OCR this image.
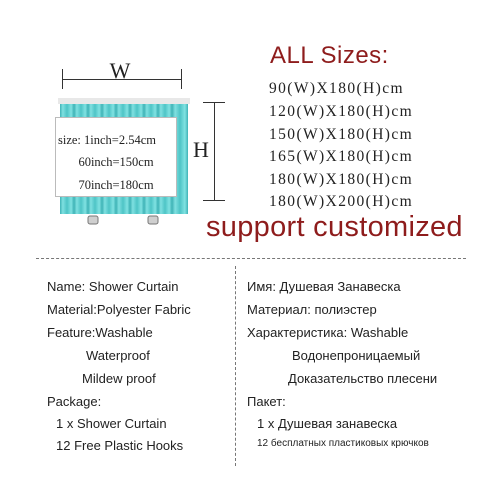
W
H
size: 1inch=2.54cm
60inch=150cm
70inch=180cm
ALL Sizes:
90(W)X180(H)cm
120(W)X180(H)cm
150(W)X180(H)cm
165(W)X180(H)cm
180(W)X180(H)cm
180(W)X200(H)cm
support customized
Name: Shower Curtain
Material:Polyester Fabric
Feature:Washable
Waterproof
Mildew proof
Package:
1 x Shower Curtain
12 Free Plastic Hooks
Имя: Душевая Занавеска
Материал: полиэстер
Характеристика: Washable
Водонепроницаемый
Доказательство плесени
Пакет:
1 x Душевая занавеска
12 бесплатных пластиковых крючков
